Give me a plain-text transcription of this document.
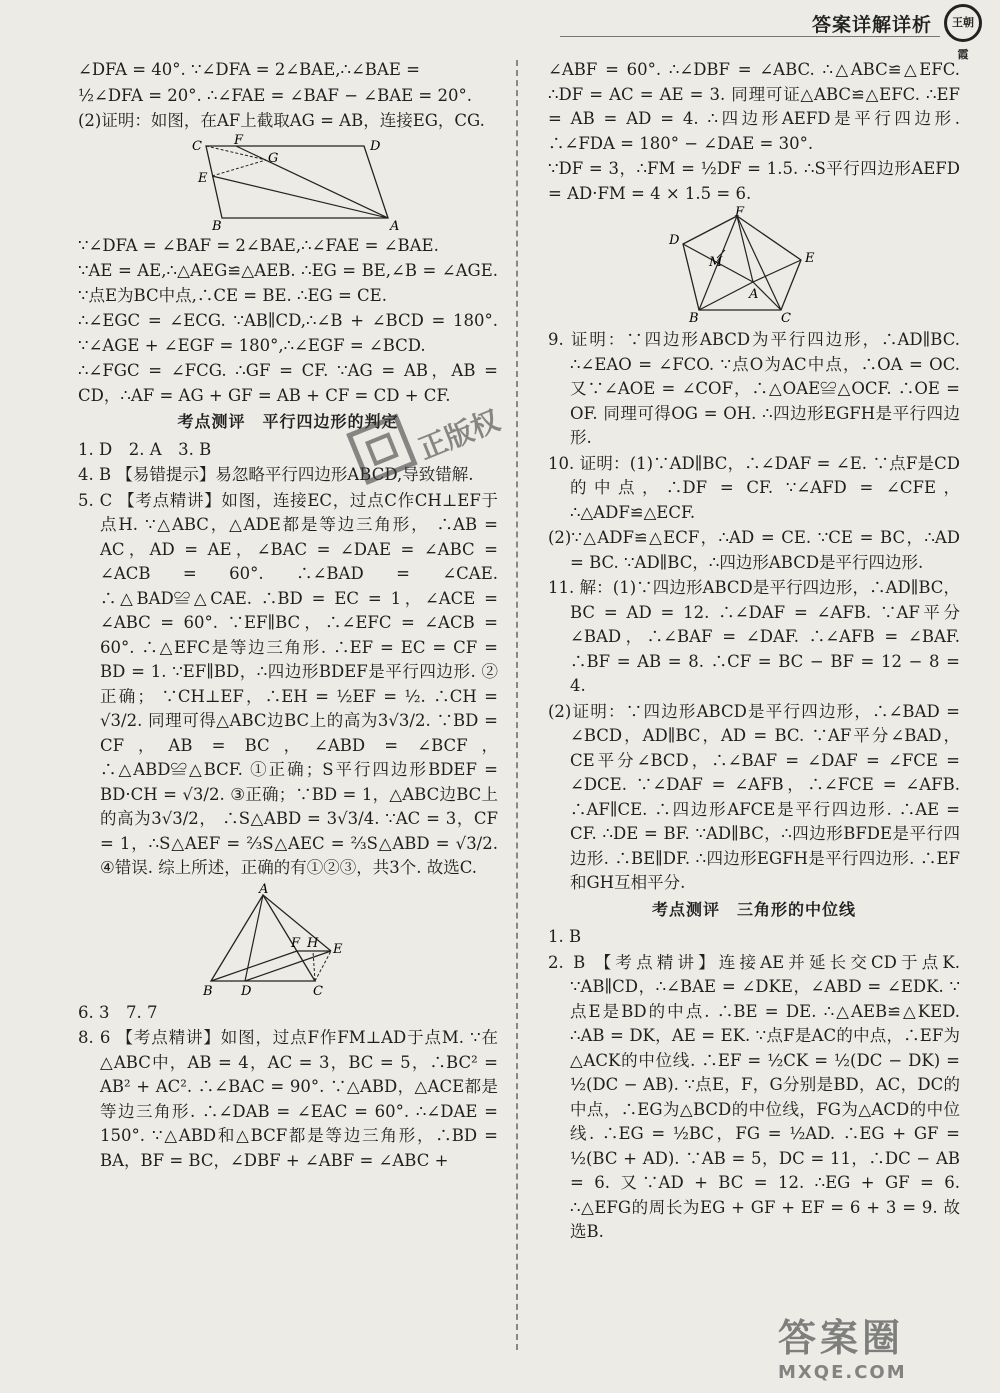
答案详解详析	王朝霞
∠DFA = 40°. ∵∠DFA = 2∠BAE,∴∠BAE =
½∠DFA = 20°. ∴∠FAE = ∠BAF − ∠BAE = 20°.
(2)证明：如图，在AF上截取AG = AB，连接EG，CG.
C F
G
D
E
B	A
∵∠DFA = ∠BAF = 2∠BAE,∴∠FAE = ∠BAE.
∵AE = AE,∴△AEG≌△AEB. ∴EG = BE,∠B = ∠AGE. ∵点E为BC中点,∴CE = BE. ∴EG = CE.
∴∠EGC = ∠ECG. ∵AB∥CD,∴∠B + ∠BCD = 180°. ∵∠AGE + ∠EGF = 180°,∴∠EGF = ∠BCD.
∴∠FGC = ∠FCG. ∴GF = CF. ∵AG = AB，AB = CD，∴AF = AG + GF = AB + CF = CD + CF.
考点测评　平行四边形的判定
1. D　2. A　3. B
4. B 【易错提示】易忽略平行四边形ABCD,导致错解.
5. C 【考点精讲】如图，连接EC，过点C作CH⊥EF于点H. ∵△ABC，△ADE都是等边三角形， ∴AB = AC，AD = AE，∠BAC = ∠DAE = ∠ABC = ∠ACB = 60°. ∴∠BAD = ∠CAE. ∴△BAD≌△CAE. ∴BD = EC = 1，∠ACE = ∠ABC = 60°. ∵EF∥BC，∴∠EFC = ∠ACB = 60°. ∴△EFC是等边三角形. ∴EF = EC = CF = BD = 1. ∵EF∥BD，∴四边形BDEF是平行四边形. ②正确； ∵CH⊥EF，∴EH = ½EF = ½. ∴CH = √3/2. 同理可得△ABC边BC上的高为3√3/2. ∵BD = CF，AB = BC，∠ABD = ∠BCF，∴△ABD≌△BCF. ①正确；S平行四边形BDEF = BD·CH = √3/2. ③正确；∵BD = 1，△ABC边BC上的高为3√3/2， ∴S△ABD = 3√3/4. ∵AC = 3，CF = 1，∴S△AEF = ⅔S△AEC = ⅔S△ABD = √3/2. ④错误. 综上所述，正确的有①②③，共3个. 故选C.
A
F H E
B D	C
6. 3　7. 7
8. 6 【考点精讲】如图，过点F作FM⊥AD于点M. ∵在△ABC中，AB = 4，AC = 3，BC = 5，∴BC² = AB² + AC². ∴∠BAC = 90°. ∵△ABD，△ACE都是等边三角形. ∴∠DAB = ∠EAC = 60°. ∴∠DAE = 150°. ∵△ABD和△BCF都是等边三角形，∴BD = BA，BF = BC，∠DBF + ∠ABF = ∠ABC +
∠ABF = 60°. ∴∠DBF = ∠ABC. ∴△ABC≌△EFC. ∴DF = AC = AE = 3. 同理可证△ABC≌△EFC. ∴EF = AB = AD = 4. ∴四边形AEFD是平行四边形. ∴∠FDA = 180° − ∠DAE = 30°.
∵DF = 3，∴FM = ½DF = 1.5. ∴S平行四边形AEFD = AD·FM = 4 × 1.5 = 6.
F
D
E
M
A
B	C
9. 证明：∵四边形ABCD为平行四边形，∴AD∥BC. ∴∠EAO = ∠FCO. ∵点O为AC中点，∴OA = OC. 又∵∠AOE = ∠COF，∴△OAE≌△OCF. ∴OE = OF. 同理可得OG = OH. ∴四边形EGFH是平行四边形.
10. 证明：(1)∵AD∥BC，∴∠DAF = ∠E. ∵点F是CD的中点，∴DF = CF. ∵∠AFD = ∠CFE，∴△ADF≌△ECF.
(2)∵△ADF≌△ECF，∴AD = CE. ∵CE = BC，∴AD = BC. ∵AD∥BC，∴四边形ABCD是平行四边形.
11. 解：(1)∵四边形ABCD是平行四边形，∴AD∥BC，BC = AD = 12. ∴∠DAF = ∠AFB. ∵AF平分∠BAD，∴∠BAF = ∠DAF. ∴∠AFB = ∠BAF. ∴BF = AB = 8. ∴CF = BC − BF = 12 − 8 = 4.
(2)证明：∵四边形ABCD是平行四边形，∴∠BAD = ∠BCD，AD∥BC，AD = BC. ∵AF平分∠BAD，CE平分∠BCD，∴∠BAF = ∠DAF = ∠FCE = ∠DCE. ∵∠DAF = ∠AFB，∴∠FCE = ∠AFB. ∴AF∥CE. ∴四边形AFCE是平行四边形. ∴AE = CF. ∴DE = BF. ∵AD∥BC，∴四边形BFDE是平行四边形. ∴BE∥DF. ∴四边形EGFH是平行四边形. ∴EF和GH互相平分.
考点测评　三角形的中位线
1. B
2. B 【考点精讲】连接AE并延长交CD于点K. ∵AB∥CD，∴∠BAE = ∠DKE，∠ABD = ∠EDK. ∵点E是BD的中点. ∴BE = DE. ∴△AEB≌△KED. ∴AB = DK，AE = EK. ∵点F是AC的中点，∴EF为△ACK的中位线. ∴EF = ½CK = ½(DC − DK) = ½(DC − AB). ∵点E，F，G分别是BD，AC，DC的中点，∴EG为△BCD的中位线，FG为△ACD的中位线. ∴EG = ½BC，FG = ½AD. ∴EG + GF = ½(BC + AD). ∵AB = 5，DC = 11，∴DC − AB = 6. 又∵AD + BC = 12. ∴EG + GF = 6. ∴△EFG的周长为EG + GF + EF = 6 + 3 = 9. 故选B.
正版权
答案圈
MXQE.COM
